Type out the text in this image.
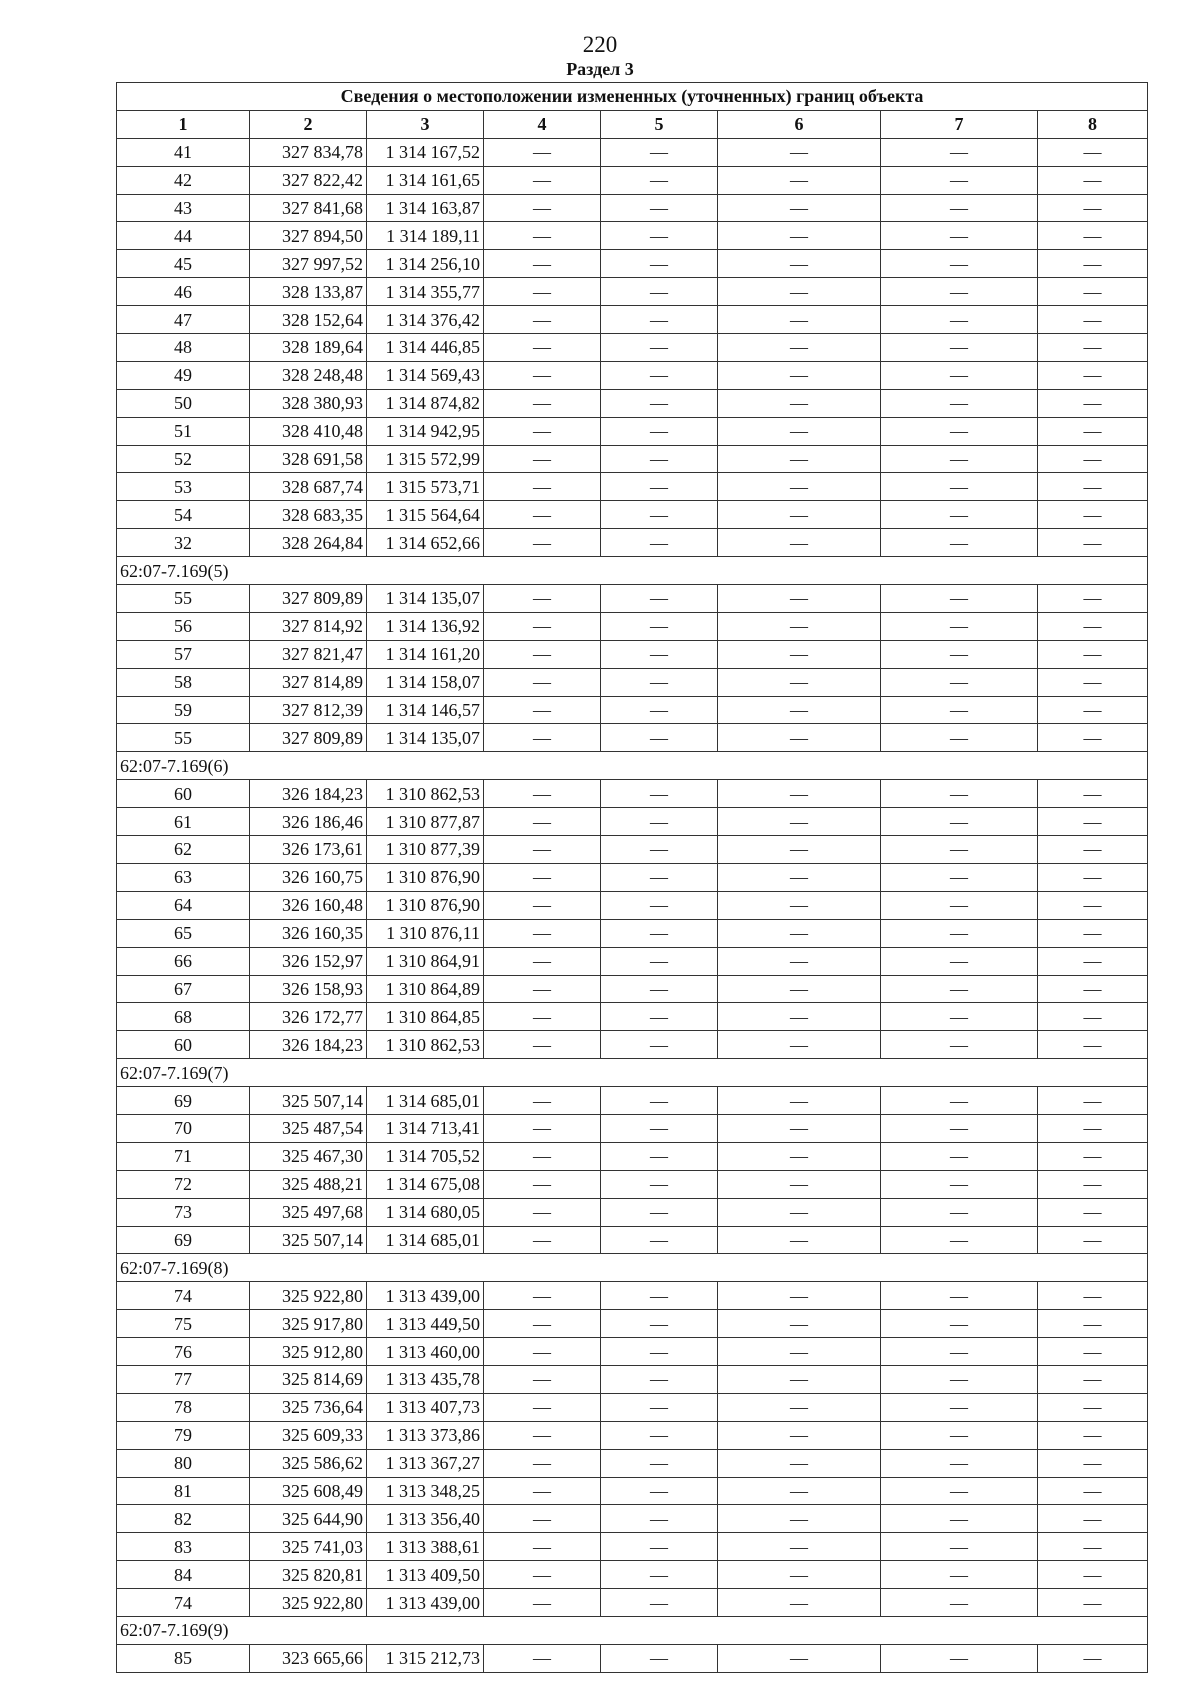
220
Раздел 3
Сведения о местоположении измененных (уточненных) границ объекта							
1	2	3	4	5	6	7	8
41	327 834,78	1 314 167,52	—	—	—	—	—
42	327 822,42	1 314 161,65	—	—	—	—	—
43	327 841,68	1 314 163,87	—	—	—	—	—
44	327 894,50	1 314 189,11	—	—	—	—	—
45	327 997,52	1 314 256,10	—	—	—	—	—
46	328 133,87	1 314 355,77	—	—	—	—	—
47	328 152,64	1 314 376,42	—	—	—	—	—
48	328 189,64	1 314 446,85	—	—	—	—	—
49	328 248,48	1 314 569,43	—	—	—	—	—
50	328 380,93	1 314 874,82	—	—	—	—	—
51	328 410,48	1 314 942,95	—	—	—	—	—
52	328 691,58	1 315 572,99	—	—	—	—	—
53	328 687,74	1 315 573,71	—	—	—	—	—
54	328 683,35	1 315 564,64	—	—	—	—	—
32	328 264,84	1 314 652,66	—	—	—	—	—
62:07-7.169(5)							
55	327 809,89	1 314 135,07	—	—	—	—	—
56	327 814,92	1 314 136,92	—	—	—	—	—
57	327 821,47	1 314 161,20	—	—	—	—	—
58	327 814,89	1 314 158,07	—	—	—	—	—
59	327 812,39	1 314 146,57	—	—	—	—	—
55	327 809,89	1 314 135,07	—	—	—	—	—
62:07-7.169(6)							
60	326 184,23	1 310 862,53	—	—	—	—	—
61	326 186,46	1 310 877,87	—	—	—	—	—
62	326 173,61	1 310 877,39	—	—	—	—	—
63	326 160,75	1 310 876,90	—	—	—	—	—
64	326 160,48	1 310 876,90	—	—	—	—	—
65	326 160,35	1 310 876,11	—	—	—	—	—
66	326 152,97	1 310 864,91	—	—	—	—	—
67	326 158,93	1 310 864,89	—	—	—	—	—
68	326 172,77	1 310 864,85	—	—	—	—	—
60	326 184,23	1 310 862,53	—	—	—	—	—
62:07-7.169(7)							
69	325 507,14	1 314 685,01	—	—	—	—	—
70	325 487,54	1 314 713,41	—	—	—	—	—
71	325 467,30	1 314 705,52	—	—	—	—	—
72	325 488,21	1 314 675,08	—	—	—	—	—
73	325 497,68	1 314 680,05	—	—	—	—	—
69	325 507,14	1 314 685,01	—	—	—	—	—
62:07-7.169(8)							
74	325 922,80	1 313 439,00	—	—	—	—	—
75	325 917,80	1 313 449,50	—	—	—	—	—
76	325 912,80	1 313 460,00	—	—	—	—	—
77	325 814,69	1 313 435,78	—	—	—	—	—
78	325 736,64	1 313 407,73	—	—	—	—	—
79	325 609,33	1 313 373,86	—	—	—	—	—
80	325 586,62	1 313 367,27	—	—	—	—	—
81	325 608,49	1 313 348,25	—	—	—	—	—
82	325 644,90	1 313 356,40	—	—	—	—	—
83	325 741,03	1 313 388,61	—	—	—	—	—
84	325 820,81	1 313 409,50	—	—	—	—	—
74	325 922,80	1 313 439,00	—	—	—	—	—
62:07-7.169(9)							
85	323 665,66	1 315 212,73	—	—	—	—	—
